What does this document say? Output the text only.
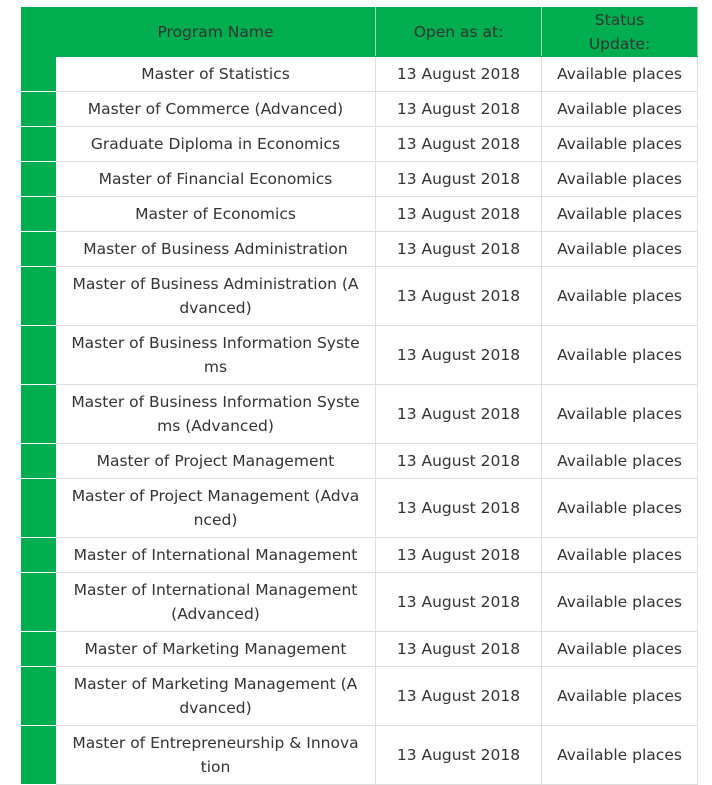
	Program Name	Open as at:	Status Update:
	Master of Statistics	13 August 2018	Available places
	Master of Commerce (Advanced)	13 August 2018	Available places
	Graduate Diploma in Economics	13 August 2018	Available places
	Master of Financial Economics	13 August 2018	Available places
	Master of Economics	13 August 2018	Available places
	Master of Business Administration	13 August 2018	Available places
	Master of Business Administration (Advanced)	13 August 2018	Available places
	Master of Business Information Systems	13 August 2018	Available places
	Master of Business Information Systems (Advanced)	13 August 2018	Available places
	Master of Project Management	13 August 2018	Available places
	Master of Project Management (Advanced)	13 August 2018	Available places
	Master of International Management	13 August 2018	Available places
	Master of International Management (Advanced)	13 August 2018	Available places
	Master of Marketing Management	13 August 2018	Available places
	Master of Marketing Management (Advanced)	13 August 2018	Available places
	Master of Entrepreneurship & Innovation	13 August 2018	Available places
